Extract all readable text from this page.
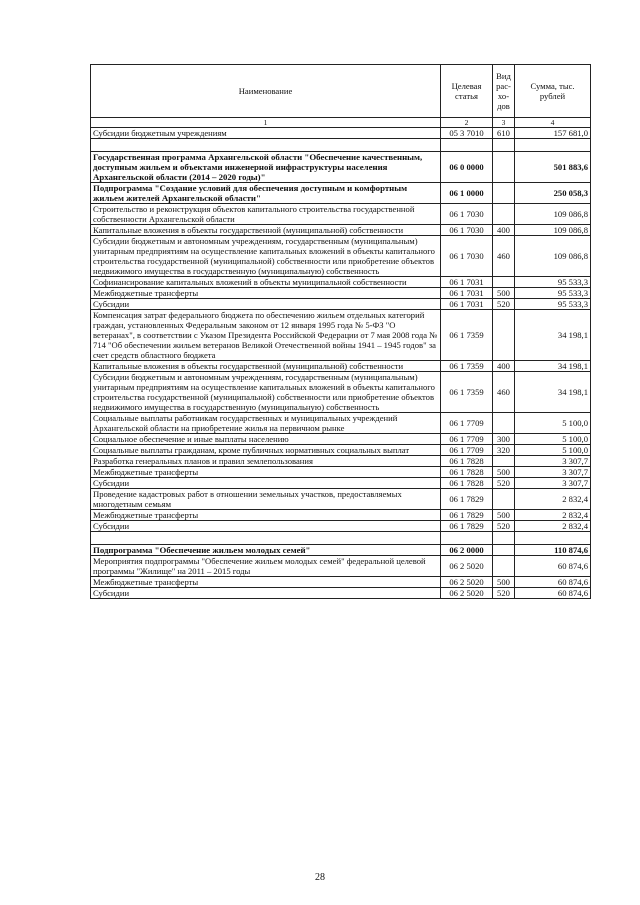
Наименование	Целевая статья	Вид рас-хо-дов	Сумма, тыс. рублей
1	2	3	4
Субсидии бюджетным учреждениям	05 3 7010	610	157 681,0

Государственная программа Архангельской области "Обеспечение качественным, доступным жильем и объектами инженерной инфраструктуры населения Архангельской области (2014 – 2020 годы)"	06 0 0000		501 883,6
Подпрограмма "Создание условий для обеспечения доступным и комфортным жильем жителей Архангельской области"	06 1 0000		250 058,3
Строительство и реконструкция объектов капитального строительства государственной собственности Архангельской области	06 1 7030		109 086,8
Капитальные вложения в объекты государственной (муниципальной) собственности	06 1 7030	400	109 086,8
Субсидии бюджетным и автономным учреждениям, государственным (муниципальным) унитарным предприятиям на осуществление капитальных вложений в объекты капитального строительства государственной (муниципальной) собственности или приобретение объектов недвижимого имущества в государственную (муниципальную) собственность	06 1 7030	460	109 086,8
Софинансирование капитальных вложений в объекты муниципальной собственности	06 1 7031		95 533,3
Межбюджетные трансферты	06 1 7031	500	95 533,3
Субсидии	06 1 7031	520	95 533,3
Компенсация затрат федерального бюджета по обеспечению жильем отдельных категорий граждан, установленных Федеральным законом от 12 января 1995 года № 5-ФЗ "О ветеранах", в соответствии с Указом Президента Российской Федерации от 7 мая 2008 года № 714 "Об обеспечении жильем ветеранов Великой Отечественной войны 1941 – 1945 годов" за счет средств областного бюджета	06 1 7359		34 198,1
Капитальные вложения в объекты государственной (муниципальной) собственности	06 1 7359	400	34 198,1
Субсидии бюджетным и автономным учреждениям, государственным (муниципальным) унитарным предприятиям на осуществление капитальных вложений в объекты капитального строительства государственной (муниципальной) собственности или приобретение объектов недвижимого имущества в государственную (муниципальную) собственность	06 1 7359	460	34 198,1
Социальные выплаты работникам государственных и муниципальных учреждений Архангельской области на приобретение жилья на первичном рынке	06 1 7709		5 100,0
Социальное обеспечение и иные выплаты населению	06 1 7709	300	5 100,0
Социальные выплаты гражданам, кроме публичных нормативных социальных выплат	06 1 7709	320	5 100,0
Разработка генеральных планов и правил землепользования	06 1 7828		3 307,7
Межбюджетные трансферты	06 1 7828	500	3 307,7
Субсидии	06 1 7828	520	3 307,7
Проведение кадастровых работ в отношении земельных участков, предоставляемых многодетным семьям	06 1 7829		2 832,4
Межбюджетные трансферты	06 1 7829	500	2 832,4
Субсидии	06 1 7829	520	2 832,4

Подпрограмма "Обеспечение жильем молодых семей"	06 2 0000		110 874,6
Мероприятия подпрограммы "Обеспечение жильем молодых семей" федеральной целевой программы "Жилище" на 2011 – 2015 годы	06 2 5020		60 874,6
Межбюджетные трансферты	06 2 5020	500	60 874,6
Субсидии	06 2 5020	520	60 874,6
28
